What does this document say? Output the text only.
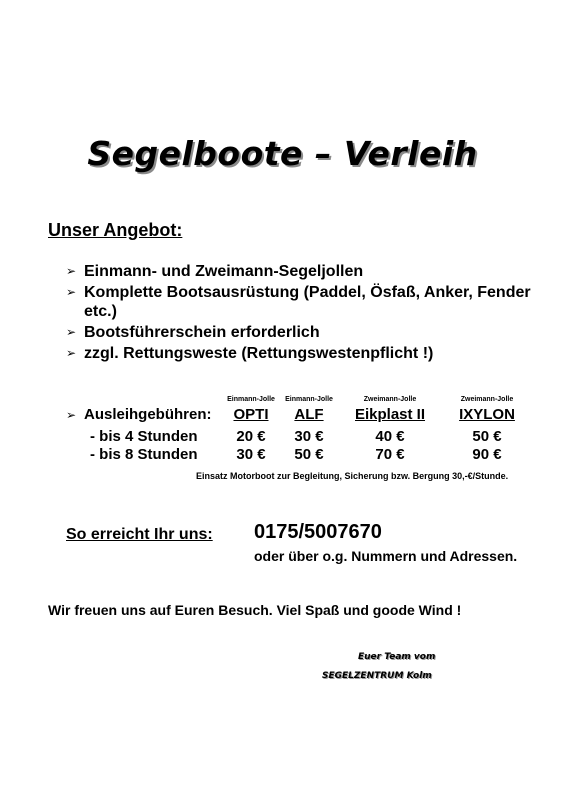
Segelboote – Verleih
Unser Angebot:
➢ Einmann- und Zweimann-Segeljollen
➢ Komplette Bootsausrüstung (Paddel, Ösfaß, Anker, Fender etc.)
➢ Bootsführerschein erforderlich
➢ zzgl. Rettungsweste (Rettungswestenpflicht !)
➢ Ausleihgebühren:
Einmann-Jolle
OPTI
20 €
30 €
Einmann-Jolle
ALF
30 €
50 €
Zweimann-Jolle
Eikplast II
40 €
70 €
Zweimann-Jolle
IXYLON
50 €
90 €
- bis 4 Stunden
- bis 8 Stunden
Einsatz Motorboot zur Begleitung, Sicherung bzw. Bergung 30,-€/Stunde.
So erreicht Ihr uns: 0175/5007670
oder über o.g. Nummern und Adressen.
Wir freuen uns auf Euren Besuch. Viel Spaß und goode Wind !
Euer Team vom
SEGELZENTRUM Kolm
